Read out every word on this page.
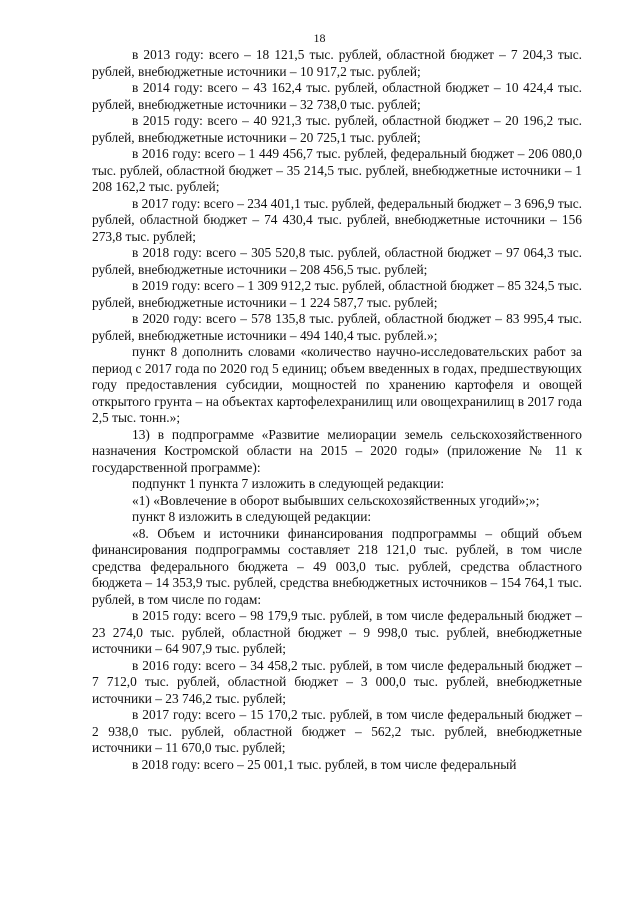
18

в 2013 году: всего – 18 121,5 тыс. рублей, областной бюджет – 7 204,3 тыс. рублей, внебюджетные источники – 10 917,2 тыс. рублей;

в 2014 году: всего – 43 162,4 тыс. рублей, областной бюджет – 10 424,4 тыс. рублей, внебюджетные источники – 32 738,0 тыс. рублей;

в 2015 году: всего – 40 921,3 тыс. рублей, областной бюджет – 20 196,2 тыс. рублей, внебюджетные источники – 20 725,1 тыс. рублей;

в 2016 году: всего – 1 449 456,7 тыс. рублей, федеральный бюджет – 206 080,0 тыс. рублей, областной бюджет – 35 214,5 тыс. рублей, внебюджетные источники – 1 208 162,2 тыс. рублей;

в 2017 году: всего – 234 401,1 тыс. рублей, федеральный бюджет – 3 696,9 тыс. рублей, областной бюджет – 74 430,4 тыс. рублей, внебюджетные источники – 156 273,8 тыс. рублей;

в 2018 году: всего – 305 520,8 тыс. рублей, областной бюджет – 97 064,3 тыс. рублей, внебюджетные источники – 208 456,5 тыс. рублей;

в 2019 году: всего – 1 309 912,2 тыс. рублей, областной бюджет – 85 324,5 тыс. рублей, внебюджетные источники – 1 224 587,7 тыс. рублей;

в 2020 году: всего – 578 135,8 тыс. рублей, областной бюджет – 83 995,4 тыс. рублей, внебюджетные источники – 494 140,4 тыс. рублей.»;

пункт 8 дополнить словами «количество научно-исследовательских работ за период с 2017 года по 2020 год 5 единиц; объем введенных в годах, предшествующих году предоставления субсидии, мощностей по хранению картофеля и овощей открытого грунта – на объектах картофелехранилищ или овощехранилищ в 2017 года 2,5 тыс. тонн.»;

13) в подпрограмме «Развитие мелиорации земель сельскохозяйственного назначения Костромской области на 2015 – 2020 годы» (приложение № 11 к государственной программе):

подпункт 1 пункта 7 изложить в следующей редакции:

«1) «Вовлечение в оборот выбывших сельскохозяйственных угодий»;»;

пункт 8 изложить в следующей редакции:

«8. Объем и источники финансирования подпрограммы – общий объем финансирования подпрограммы составляет 218 121,0 тыс. рублей, в том числе средства федерального бюджета – 49 003,0 тыс. рублей, средства областного бюджета – 14 353,9 тыс. рублей, средства внебюджетных источников – 154 764,1 тыс. рублей, в том числе по годам:

в 2015 году: всего – 98 179,9 тыс. рублей, в том числе федеральный бюджет – 23 274,0 тыс. рублей, областной бюджет – 9 998,0 тыс. рублей, внебюджетные источники – 64 907,9 тыс. рублей;

в 2016 году: всего – 34 458,2 тыс. рублей, в том числе федеральный бюджет – 7 712,0 тыс. рублей, областной бюджет – 3 000,0 тыс. рублей, внебюджетные источники – 23 746,2 тыс. рублей;

в 2017 году: всего – 15 170,2 тыс. рублей, в том числе федеральный бюджет – 2 938,0 тыс. рублей, областной бюджет – 562,2 тыс. рублей, внебюджетные источники – 11 670,0 тыс. рублей;

в 2018 году: всего – 25 001,1 тыс. рублей, в том числе федеральный
